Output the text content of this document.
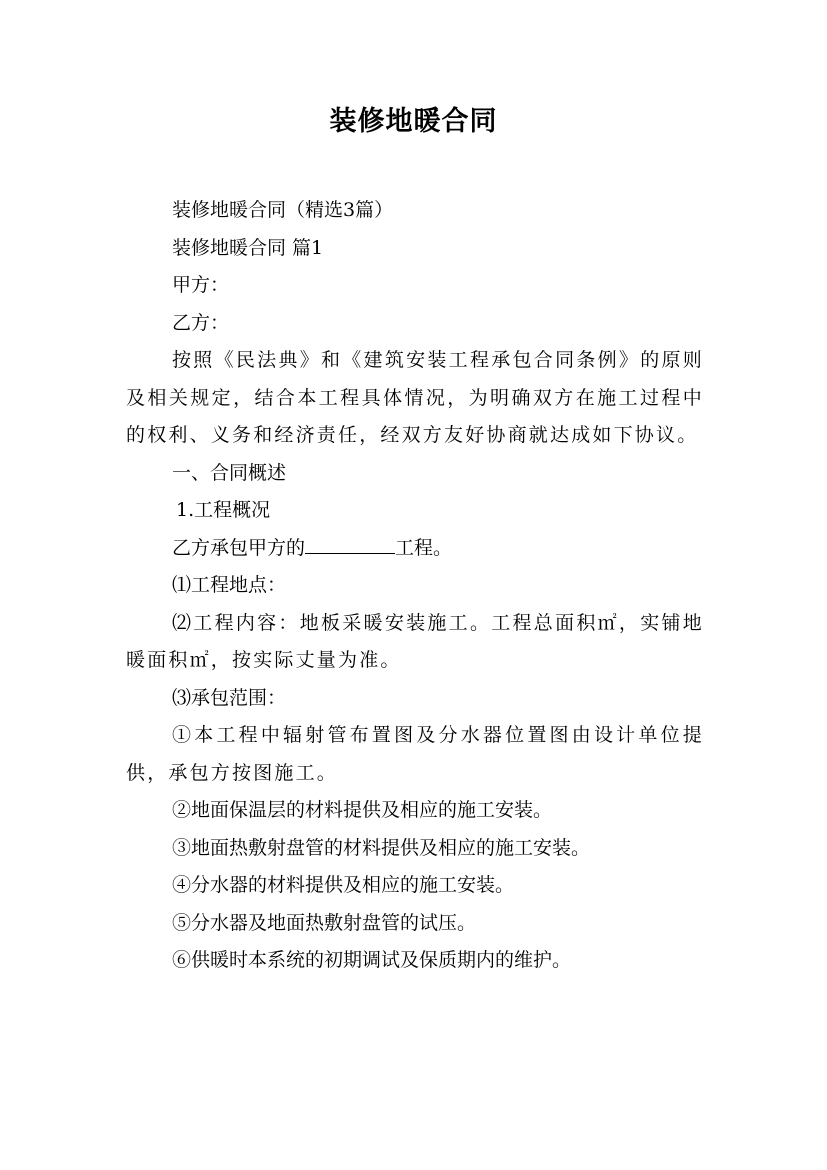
装修地暖合同

装修地暖合同（精选3篇）

装修地暖合同 篇1

甲方：

乙方：

按照《民法典》和《建筑安装工程承包合同条例》的原则及相关规定，结合本工程具体情况，为明确双方在施工过程中的权利、义务和经济责任，经双方友好协商就达成如下协议。

一、合同概述

1.工程概况

乙方承包甲方的	工程。

⑴工程地点：

⑵工程内容：地板采暖安装施工。工程总面积㎡，实铺地暖面积㎡，按实际丈量为准。

⑶承包范围：

①本工程中辐射管布置图及分水器位置图由设计单位提供，承包方按图施工。

②地面保温层的材料提供及相应的施工安装。

③地面热敷射盘管的材料提供及相应的施工安装。

④分水器的材料提供及相应的施工安装。

⑤分水器及地面热敷射盘管的试压。

⑥供暖时本系统的初期调试及保质期内的维护。
